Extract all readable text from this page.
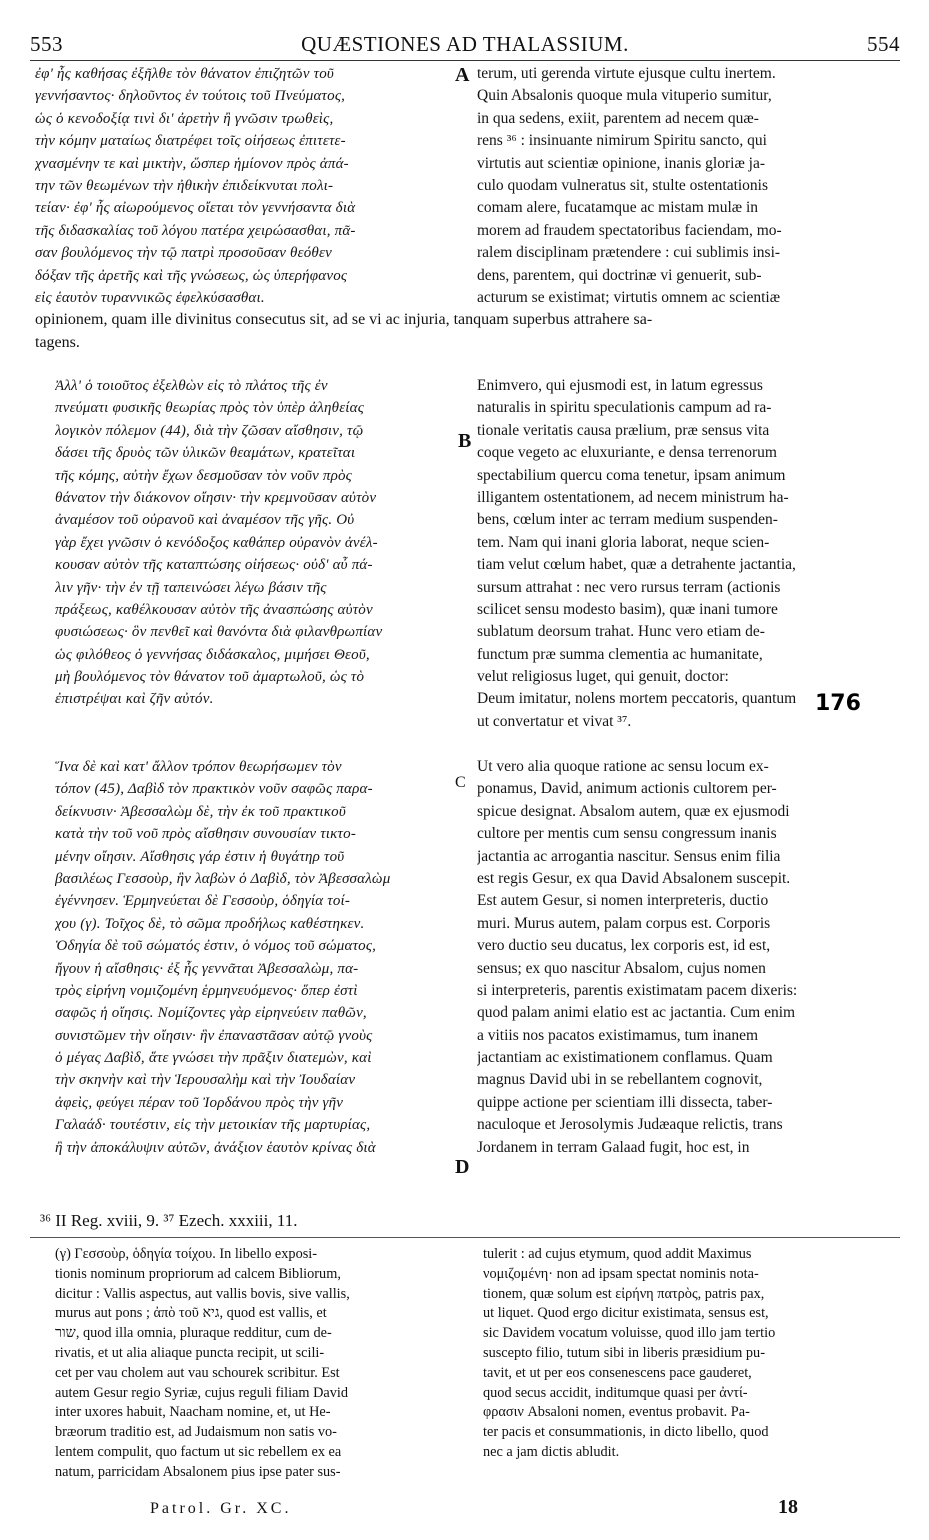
553	QUÆSTIONES AD THALASSIUM.	554
ἐφ' ἧς καθήσας ἐξῆλθε τὸν θάνατον ἐπιζητῶν τοῦ
γεννήσαντος· δηλοῦντος ἐν τούτοις τοῦ Πνεύματος,
ὡς ὁ κενοδοξίᾳ τινὶ δι' ἀρετὴν ἢ γνῶσιν τρωθεὶς,
τὴν κόμην ματαίως διατρέφει τοῖς οἰήσεως ἐπιτετε-
χνασμένην τε καὶ μικτὴν, ὥσπερ ἡμίονον πρὸς ἀπά-
την τῶν θεωμένων τὴν ἠθικὴν ἐπιδείκνυται πολι-
τείαν· ἐφ' ἧς αἰωρούμενος οἴεται τὸν γεννήσαντα διὰ
τῆς διδασκαλίας τοῦ λόγου πατέρα χειρώσασθαι, πᾶ-
σαν βουλόμενος τὴν τῷ πατρὶ προσοῦσαν θεόθεν
δόξαν τῆς ἀρετῆς καὶ τῆς γνώσεως, ὡς ὑπερήφανος
εἰς ἑαυτὸν τυραννικῶς ἐφελκύσασθαι.
terum, uti gerenda virtute ejusque cultu inertem.
Quin Absalonis quoque mula vituperio sumitur,
in qua sedens, exiit, parentem ad necem quæ-
rens ³⁶ : insinuante nimirum Spiritu sancto, qui
virtutis aut scientiæ opinione, inanis gloriæ ja-
culo quodam vulneratus sit, stulte ostentationis
comam alere, fucatamque ac mistam mulæ in
morem ad fraudem spectatoribus faciendam, mo-
ralem disciplinam prætendere : cui sublimis insi-
dens, parentem, qui doctrinæ vi genuerit, sub-
acturum se existimat; virtutis omnem ac scientiæ
opinionem, quam ille divinitus consecutus sit, ad se vi ac injuria, tanquam superbus attrahere sa-
tagens.
Ἀλλ' ὁ τοιοῦτος ἐξελθὼν εἰς τὸ πλάτος τῆς ἐν
πνεύματι φυσικῆς θεωρίας πρὸς τὸν ὑπὲρ ἀληθείας
λογικὸν πόλεμον (44), διὰ τὴν ζῶσαν αἴσθησιν, τῷ
δάσει τῆς δρυὸς τῶν ὑλικῶν θεαμάτων, κρατεῖται
τῆς κόμης, αὐτὴν ἔχων δεσμοῦσαν τὸν νοῦν πρὸς
θάνατον τὴν διάκονον οἴησιν· τὴν κρεμνοῦσαν αὐτὸν
ἀναμέσον τοῦ οὐρανοῦ καὶ ἀναμέσον τῆς γῆς. Οὐ
γὰρ ἔχει γνῶσιν ὁ κενόδοξος καθάπερ οὐρανὸν ἀνέλ-
κουσαν αὐτὸν τῆς καταπτώσης οἰήσεως· οὐδ' αὖ πά-
λιν γῆν· τὴν ἐν τῇ ταπεινώσει λέγω βάσιν τῆς
πράξεως, καθέλκουσαν αὐτὸν τῆς ἀνασπώσης αὐτὸν
φυσιώσεως· ὃν πενθεῖ καὶ θανόντα διὰ φιλανθρωπίαν
ὡς φιλόθεος ὁ γεννήσας διδάσκαλος, μιμήσει Θεοῦ,
μὴ βουλόμενος τὸν θάνατον τοῦ ἁμαρτωλοῦ, ὡς τὸ
ἐπιστρέψαι καὶ ζῆν αὐτόν.
Enimvero, qui ejusmodi est, in latum egressus
naturalis in spiritu speculationis campum ad ra-
tionale veritatis causa prælium, præ sensus vita
coque vegeto ac eluxuriante, e densa terrenorum
spectabilium quercu coma tenetur, ipsam animum
illigantem ostentationem, ad necem ministrum ha-
bens, cœlum inter ac terram medium suspenden-
tem. Nam qui inani gloria laborat, neque scien-
tiam velut cœlum habet, quæ a detrahente jactantia,
sursum attrahat : nec vero rursus terram (actionis
scilicet sensu modesto basim), quæ inani tumore
sublatum deorsum trahat. Hunc vero etiam de-
functum præ summa clementia ac humanitate,
velut religiosus luget, qui genuit, doctor:
Deum imitatur, nolens mortem peccatoris, quantum
ut convertatur et vivat ³⁷.
Ἵνα δὲ καὶ κατ' ἄλλον τρόπον θεωρήσωμεν τὸν
τόπον (45), Δαβὶδ τὸν πρακτικὸν νοῦν σαφῶς παρα-
δείκνυσιν· Ἀβεσσαλὼμ δὲ, τὴν ἐκ τοῦ πρακτικοῦ
κατὰ τὴν τοῦ νοῦ πρὸς αἴσθησιν συνουσίαν τικτο-
μένην οἴησιν. Αἴσθησις γάρ ἐστιν ἡ θυγάτηρ τοῦ
βασιλέως Γεσσοὺρ, ἣν λαβὼν ὁ Δαβὶδ, τὸν Ἀβεσσαλὼμ
ἐγέννησεν. Ἑρμηνεύεται δὲ Γεσσοὺρ, ὁδηγία τοί-
χου (γ). Τοῖχος δὲ, τὸ σῶμα προδήλως καθέστηκεν.
Ὁδηγία δὲ τοῦ σώματός ἐστιν, ὁ νόμος τοῦ σώματος,
ἤγουν ἡ αἴσθησις· ἐξ ἧς γεννᾶται Ἀβεσσαλὼμ, πα-
τρὸς εἰρήνη νομιζομένη ἑρμηνευόμενος· ὅπερ ἐστὶ
σαφῶς ἡ οἴησις. Νομίζοντες γὰρ εἰρηνεύειν παθῶν,
συνιστῶμεν τὴν οἴησιν· ἣν ἐπαναστᾶσαν αὐτῷ γνοὺς
ὁ μέγας Δαβὶδ, ἅτε γνώσει τὴν πρᾶξιν διατεμὼν, καὶ
τὴν σκηνὴν καὶ τὴν Ἱερουσαλὴμ καὶ τὴν Ἰουδαίαν
ἀφεὶς, φεύγει πέραν τοῦ Ἰορδάνου πρὸς τὴν γῆν
Γαλαάδ· τουτέστιν, εἰς τὴν μετοικίαν τῆς μαρτυρίας,
ἢ τὴν ἀποκάλυψιν αὐτῶν, ἀνάξιον ἑαυτὸν κρίνας διὰ
Ut vero alia quoque ratione ac sensu locum ex-
ponamus, David, animum actionis cultorem per-
spicue designat. Absalom autem, quæ ex ejusmodi
cultore per mentis cum sensu congressum inanis
jactantia ac arrogantia nascitur. Sensus enim filia
est regis Gesur, ex qua David Absalonem suscepit.
Est autem Gesur, si nomen interpreteris, ductio
muri. Murus autem, palam corpus est. Corporis
vero ductio seu ducatus, lex corporis est, id est,
sensus; ex quo nascitur Absalom, cujus nomen
si interpreteris, parentis existimatam pacem dixeris:
quod palam animi elatio est ac jactantia. Cum enim
a vitiis nos pacatos existimamus, tum inanem
jactantiam ac existimationem conflamus. Quam
magnus David ubi in se rebellantem cognovit,
quippe actione per scientiam illi dissecta, taber-
naculoque et Jerosolymis Judæaque relictis, trans
Jordanem in terram Galaad fugit, hoc est, in
A
B
C
D
176
³⁶ II Reg. xviii, 9. ³⁷ Ezech. xxxiii, 11.
(γ) Γεσσοὺρ, ὁδηγία τοίχου. In libello exposi-
tionis nominum propriorum ad calcem Bibliorum,
dicitur : Vallis aspectus, aut vallis bovis, sive vallis,
murus aut pons ; ἀπὸ τοῦ גיא, quod est vallis, et
שור, quod illa omnia, pluraque redditur, cum de-
rivatis, et ut alia aliaque puncta recipit, ut scili-
cet per vau cholem aut vau schourek scribitur. Est
autem Gesur regio Syriæ, cujus reguli filiam David
inter uxores habuit, Naacham nomine, et, ut He-
bræorum traditio est, ad Judaismum non satis vo-
lentem compulit, quo factum ut sic rebellem ex ea
natum, parricidam Absalonem pius ipse pater sus-
tulerit : ad cujus etymum, quod addit Maximus
νομιζομένη· non ad ipsam spectat nominis nota-
tionem, quæ solum est εἰρήνη πατρὸς, patris pax,
ut liquet. Quod ergo dicitur existimata, sensus est,
sic Davidem vocatum voluisse, quod illo jam tertio
suscepto filio, tutum sibi in liberis præsidium pu-
tavit, et ut per eos consenescens pace gauderet,
quod secus accidit, inditumque quasi per ἀντί-
φρασιν Absaloni nomen, eventus probavit. Pa-
ter pacis et consummationis, in dicto libello, quod
nec a jam dictis abludit.
Patrol. Gr. XC.	18
